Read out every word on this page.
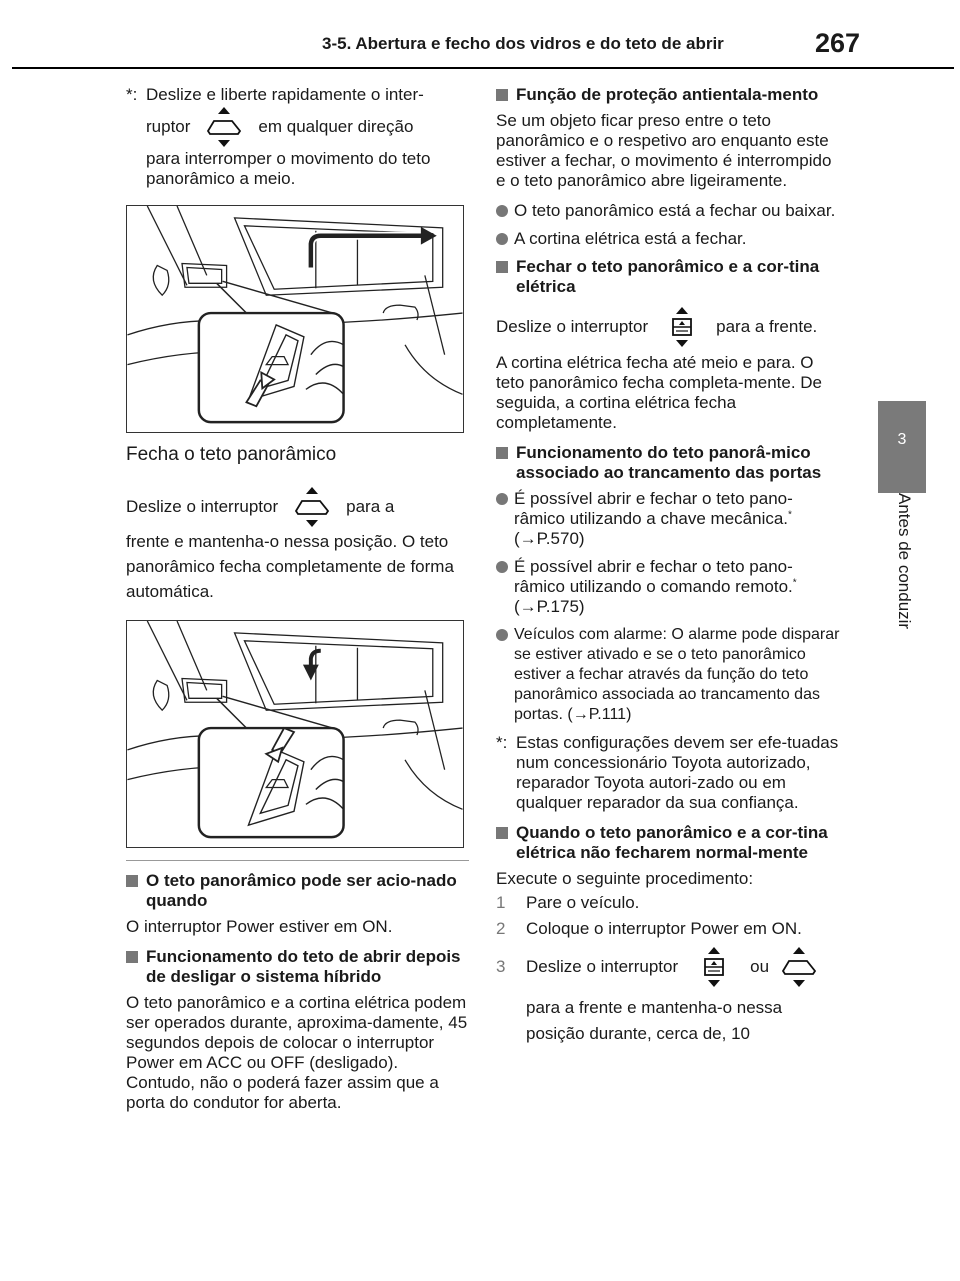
3-5. Abertura e fecho dos vidros e do teto de abrir	267
3
Antes de conduzir
*: Deslize e liberte rapidamente o inter-
ruptor	em qualquer direção
para interromper o movimento do teto panorâmico a meio.
Fecha o teto panorâmico
Deslize o interruptor	para a
frente e mantenha-o nessa posição. O teto panorâmico fecha completamente de forma automática.
O teto panorâmico pode ser acio-nado quando
O interruptor Power estiver em ON.
Funcionamento do teto de abrir depois de desligar o sistema híbrido
O teto panorâmico e a cortina elétrica podem ser operados durante, aproxima-damente, 45 segundos depois de colocar o interruptor Power em ACC ou OFF (desligado). Contudo, não o poderá fazer assim que a porta do condutor for aberta.
Função de proteção antientala-mento
Se um objeto ficar preso entre o teto panorâmico e o respetivo aro enquanto este estiver a fechar, o movimento é interrompido e o teto panorâmico abre ligeiramente.
O teto panorâmico está a fechar ou baixar.
A cortina elétrica está a fechar.
Fechar o teto panorâmico e a cor-tina elétrica
Deslize o interruptor	para a frente.
A cortina elétrica fecha até meio e para. O teto panorâmico fecha completa-mente. De seguida, a cortina elétrica fecha completamente.
Funcionamento do teto panorâ-mico associado ao trancamento das portas
É possível abrir e fechar o teto pano-râmico utilizando a chave mecânica.*
(→P.570)
É possível abrir e fechar o teto pano-râmico utilizando o comando remoto.*
(→P.175)
Veículos com alarme: O alarme pode disparar se estiver ativado e se o teto panorâmico estiver a fechar através da função do teto panorâmico associada ao trancamento das portas. (→P.111)
*: Estas configurações devem ser efe-tuadas num concessionário Toyota autorizado, reparador Toyota autori-zado ou em qualquer reparador da sua confiança.
Quando o teto panorâmico e a cor-tina elétrica não fecharem normal-mente
Execute o seguinte procedimento:
1	Pare o veículo.
2	Coloque o interruptor Power em ON.
3	Deslize o interruptor	ou
para a frente e mantenha-o nessa
posição durante, cerca de, 10
